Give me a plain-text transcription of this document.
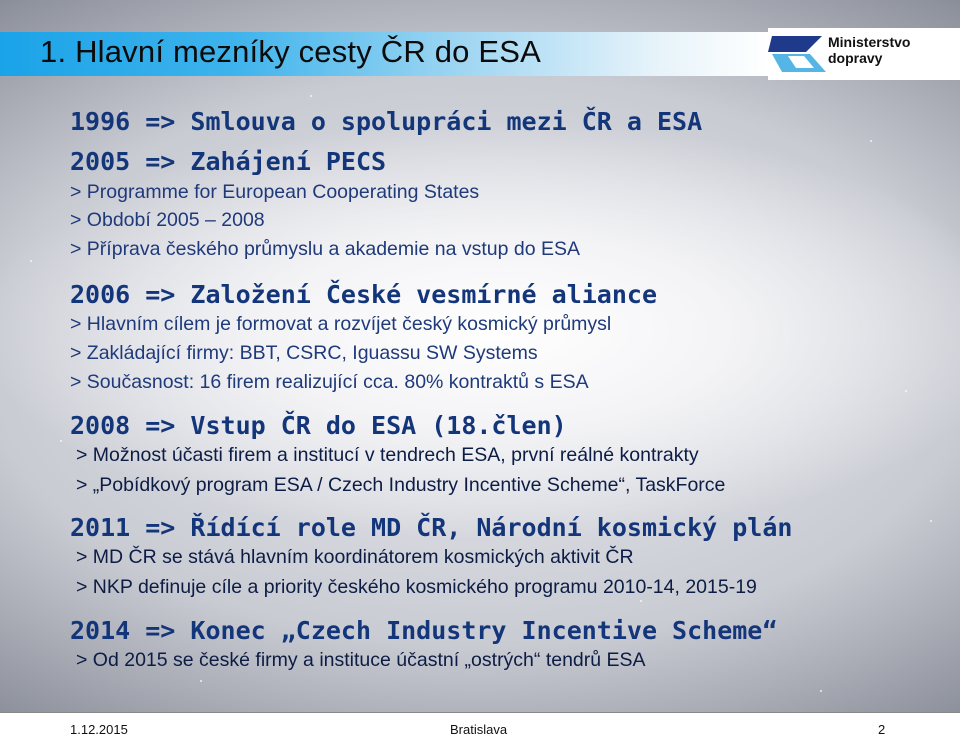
1. Hlavní mezníky cesty ČR do ESA	Ministerstvo dopravy
1996 => Smlouva o spolupráci mezi ČR a ESA
2005 => Zahájení PECS
> Programme for European Cooperating States
> Období 2005 – 2008
> Příprava českého průmyslu a akademie na vstup do ESA
2006 => Založení České vesmírné aliance
> Hlavním cílem je formovat a rozvíjet český kosmický průmysl
> Zakládající firmy: BBT, CSRC, Iguassu SW Systems
> Současnost: 16 firem realizující cca. 80% kontraktů s ESA
2008 => Vstup ČR do ESA (18.člen)
> Možnost účasti firem a institucí v tendrech ESA, první reálné kontrakty
> „Pobídkový program ESA / Czech Industry Incentive Scheme“, TaskForce
2011 => Řídící role MD ČR, Národní kosmický plán
> MD ČR se stává hlavním koordinátorem kosmických aktivit ČR
> NKP definuje cíle a priority českého kosmického programu 2010-14, 2015-19
2014 => Konec „Czech Industry Incentive Scheme“
> Od 2015 se české firmy a instituce účastní „ostrých“ tendrů ESA
1.12.2015	Bratislava	2
